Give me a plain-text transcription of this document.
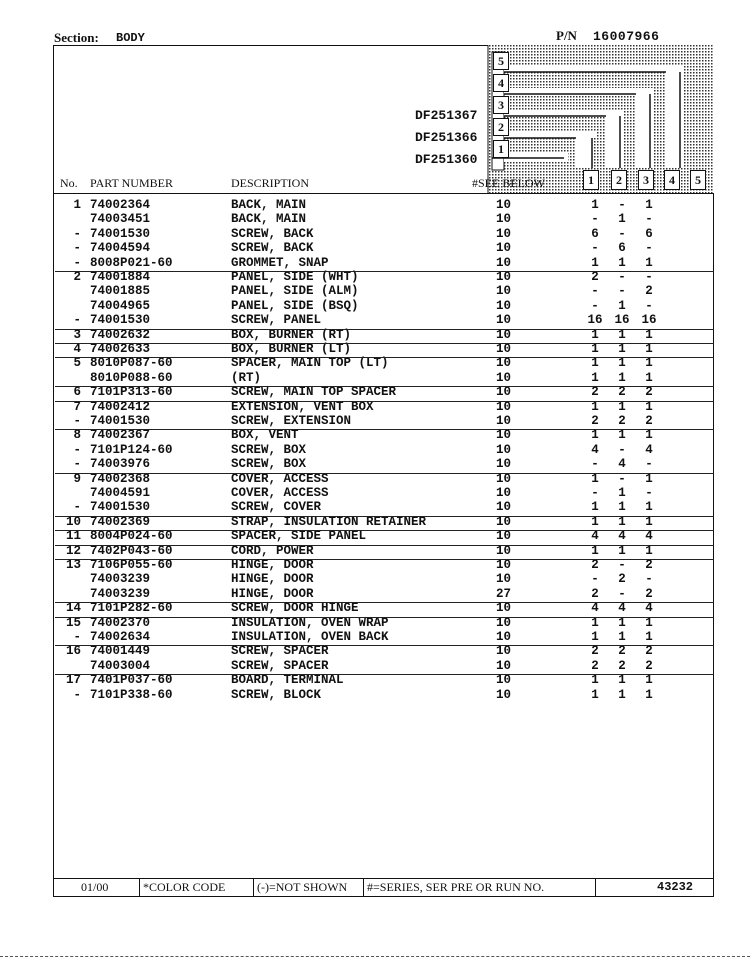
Section: BODY	P/N 16007966
5
4
3
2
1
1	2	3	4	5
DF251367
DF251366
DF251360
No. PART NUMBER	DESCRIPTION	#SEE BELOW
1 74002364	BACK, MAIN	10	1	-	1
74003451	BACK, MAIN	10	-	1	-
- 74001530	SCREW, BACK	10	6	-	6
- 74004594	SCREW, BACK	10	-	6	-
- 8008P021-60	GROMMET, SNAP	10	1	1	1
2 74001884	PANEL, SIDE (WHT)	10	2	-	-
74001885	PANEL, SIDE (ALM)	10	-	-	2
74004965	PANEL, SIDE (BSQ)	10	-	1	-
- 74001530	SCREW, PANEL	10	16 16 16
3 74002632	BOX, BURNER (RT)	10	1	1	1
4 74002633	BOX, BURNER (LT)	10	1	1	1
5 8010P087-60	SPACER, MAIN TOP (LT)	10	1	1	1
8010P088-60	(RT)	10	1	1	1
6 7101P313-60	SCREW, MAIN TOP SPACER	10	2	2	2
7 74002412	EXTENSION, VENT BOX	10	1	1	1
- 74001530	SCREW, EXTENSION	10	2	2	2
8 74002367	BOX, VENT	10	1	1	1
- 7101P124-60	SCREW, BOX	10	4	-	4
- 74003976	SCREW, BOX	10	-	4	-
9 74002368	COVER, ACCESS	10	1	-	1
74004591	COVER, ACCESS	10	-	1	-
- 74001530	SCREW, COVER	10	1	1	1
10 74002369	STRAP, INSULATION RETAINER	10	1	1	1
11 8004P024-60	SPACER, SIDE PANEL	10	4	4	4
12 7402P043-60	CORD, POWER	10	1	1	1
13 7106P055-60	HINGE, DOOR	10	2	-	2
74003239	HINGE, DOOR	10	-	2	-
74003239	HINGE, DOOR	27	2	-	2
14 7101P282-60	SCREW, DOOR HINGE	10	4	4	4
15 74002370	INSULATION, OVEN WRAP	10	1	1	1
- 74002634	INSULATION, OVEN BACK	10	1	1	1
16 74001449	SCREW, SPACER	10	2	2	2
74003004	SCREW, SPACER	10	2	2	2
17 7401P037-60	BOARD, TERMINAL	10	1	1	1
- 7101P338-60	SCREW, BLOCK	10	1	1	1
01/00	*COLOR CODE	(-)=NOT SHOWN #=SERIES, SER PRE OR RUN NO.	43232
